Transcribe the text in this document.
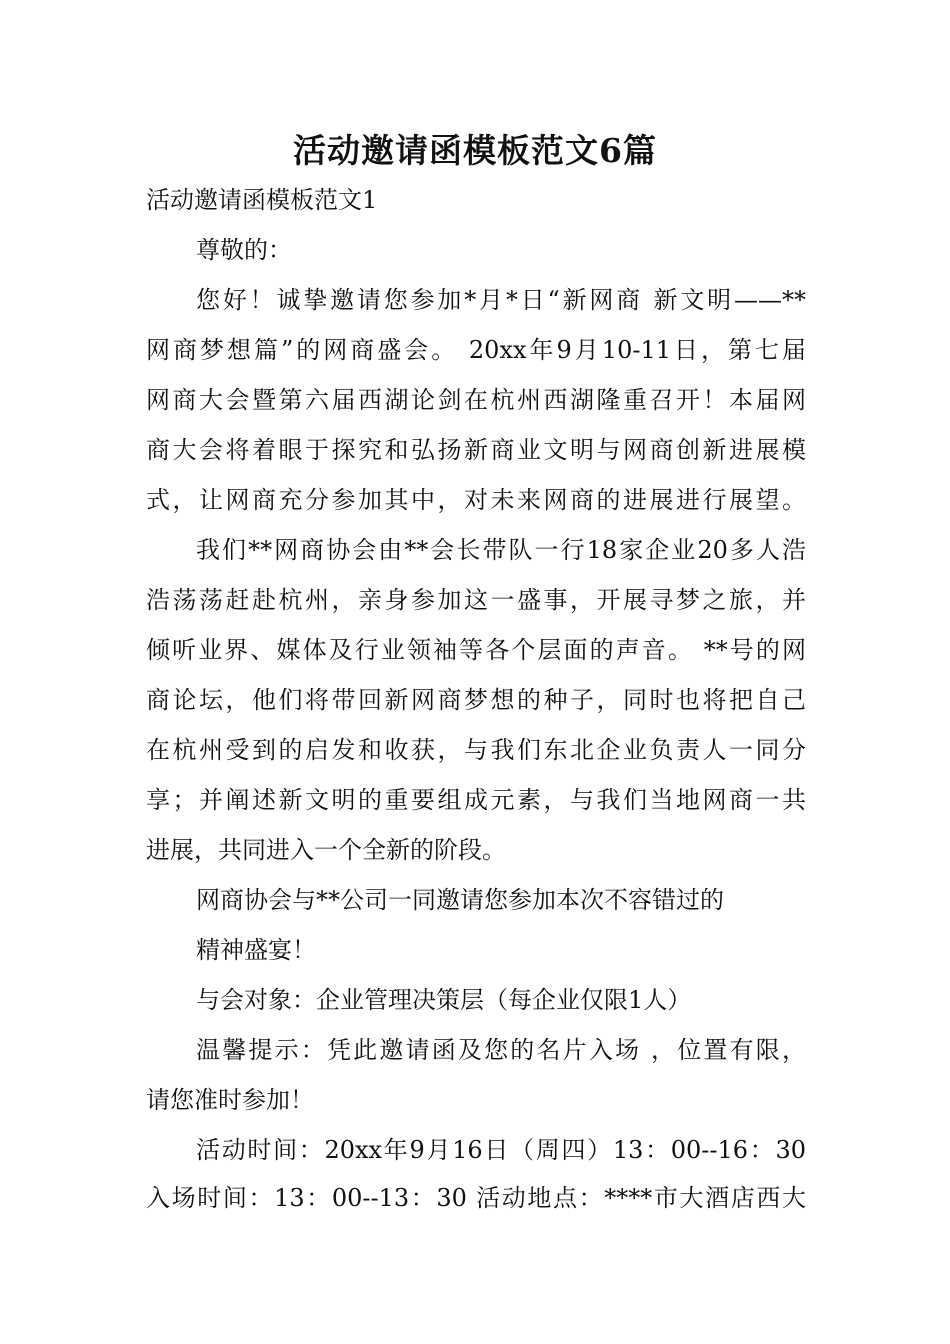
活动邀请函模板范文6篇

活动邀请函模板范文1

尊敬的：

您好！诚挚邀请您参加*月*日“新网商 新文明——**

网商梦想篇”的网商盛会。 20xx年9月10-11日，第七届

网商大会暨第六届西湖论剑在杭州西湖隆重召开！本届网

商大会将着眼于探究和弘扬新商业文明与网商创新进展模

式，让网商充分参加其中，对未来网商的进展进行展望。

我们**网商协会由**会长带队一行18家企业20多人浩

浩荡荡赶赴杭州，亲身参加这一盛事，开展寻梦之旅，并

倾听业界、媒体及行业领袖等各个层面的声音。 **号的网

商论坛，他们将带回新网商梦想的种子，同时也将把自己

在杭州受到的启发和收获，与我们东北企业负责人一同分

享；并阐述新文明的重要组成元素，与我们当地网商一共

进展，共同进入一个全新的阶段。

网商协会与**公司一同邀请您参加本次不容错过的

精神盛宴！

与会对象：企业管理决策层（每企业仅限1人）

温馨提示：凭此邀请函及您的名片入场 ，位置有限，

请您准时参加！

活动时间：20xx年9月16日（周四）13：00--16：30

入场时间：13：00--13：30 活动地点：****市大酒店西大
